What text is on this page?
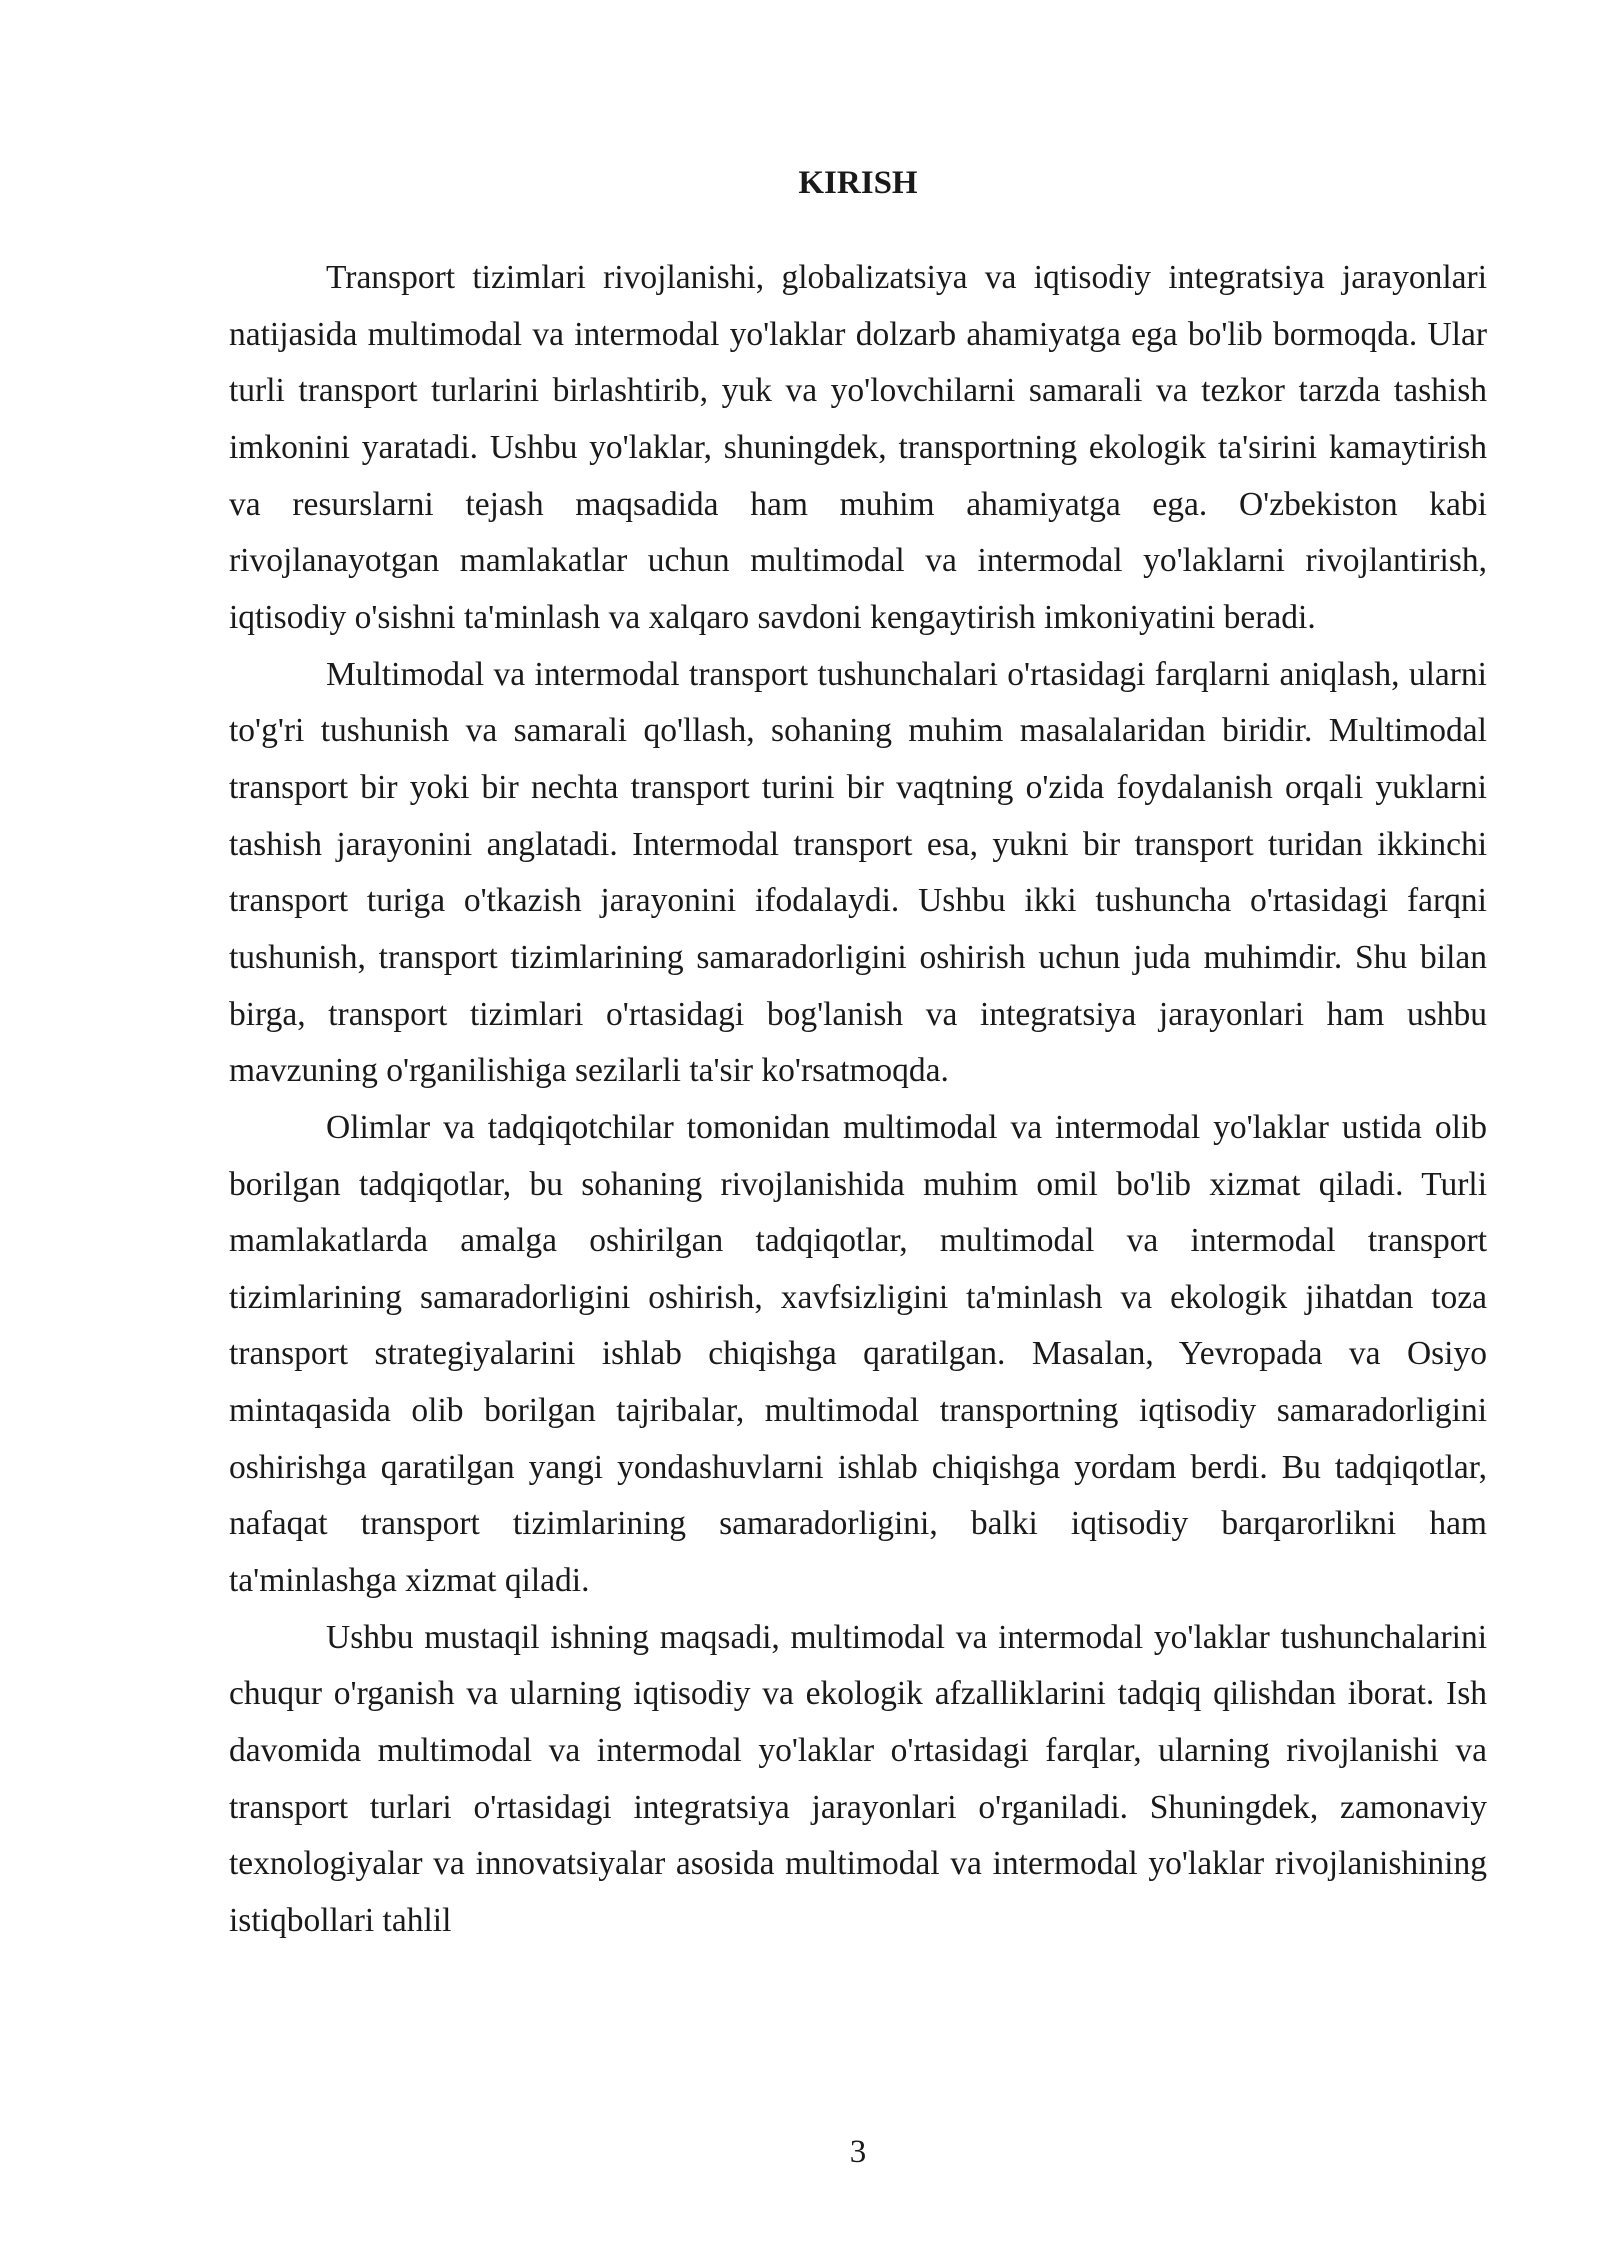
KIRISH

Transport tizimlari rivojlanishi, globalizatsiya va iqtisodiy integratsiya jarayonlari natijasida multimodal va intermodal yo'laklar dolzarb ahamiyatga ega bo'lib bormoqda. Ular turli transport turlarini birlashtirib, yuk va yo'lovchilarni samarali va tezkor tarzda tashish imkonini yaratadi. Ushbu yo'laklar, shuningdek, transportning ekologik ta'sirini kamaytirish va resurslarni tejash maqsadida ham muhim ahamiyatga ega. O'zbekiston kabi rivojlanayotgan mamlakatlar uchun multimodal va intermodal yo'laklarni rivojlantirish, iqtisodiy o'sishni ta'minlash va xalqaro savdoni kengaytirish imkoniyatini beradi.

Multimodal va intermodal transport tushunchalari o'rtasidagi farqlarni aniqlash, ularni to'g'ri tushunish va samarali qo'llash, sohaning muhim masalalaridan biridir. Multimodal transport bir yoki bir nechta transport turini bir vaqtning o'zida foydalanish orqali yuklarni tashish jarayonini anglatadi. Intermodal transport esa, yukni bir transport turidan ikkinchi transport turiga o'tkazish jarayonini ifodalaydi. Ushbu ikki tushuncha o'rtasidagi farqni tushunish, transport tizimlarining samaradorligini oshirish uchun juda muhimdir. Shu bilan birga, transport tizimlari o'rtasidagi bog'lanish va integratsiya jarayonlari ham ushbu mavzuning o'rganilishiga sezilarli ta'sir ko'rsatmoqda.

Olimlar va tadqiqotchilar tomonidan multimodal va intermodal yo'laklar ustida olib borilgan tadqiqotlar, bu sohaning rivojlanishida muhim omil bo'lib xizmat qiladi. Turli mamlakatlarda amalga oshirilgan tadqiqotlar, multimodal va intermodal transport tizimlarining samaradorligini oshirish, xavfsizligini ta'minlash va ekologik jihatdan toza transport strategiyalarini ishlab chiqishga qaratilgan. Masalan, Yevropada va Osiyo mintaqasida olib borilgan tajribalar, multimodal transportning iqtisodiy samaradorligini oshirishga qaratilgan yangi yondashuvlarni ishlab chiqishga yordam berdi. Bu tadqiqotlar, nafaqat transport tizimlarining samaradorligini, balki iqtisodiy barqarorlikni ham ta'minlashga xizmat qiladi.

Ushbu mustaqil ishning maqsadi, multimodal va intermodal yo'laklar tushunchalarini chuqur o'rganish va ularning iqtisodiy va ekologik afzalliklarini tadqiq qilishdan iborat. Ish davomida multimodal va intermodal yo'laklar o'rtasidagi farqlar, ularning rivojlanishi va transport turlari o'rtasidagi integratsiya jarayonlari o'rganiladi. Shuningdek, zamonaviy texnologiyalar va innovatsiyalar asosida multimodal va intermodal yo'laklar rivojlanishining istiqbollari tahlil

3
